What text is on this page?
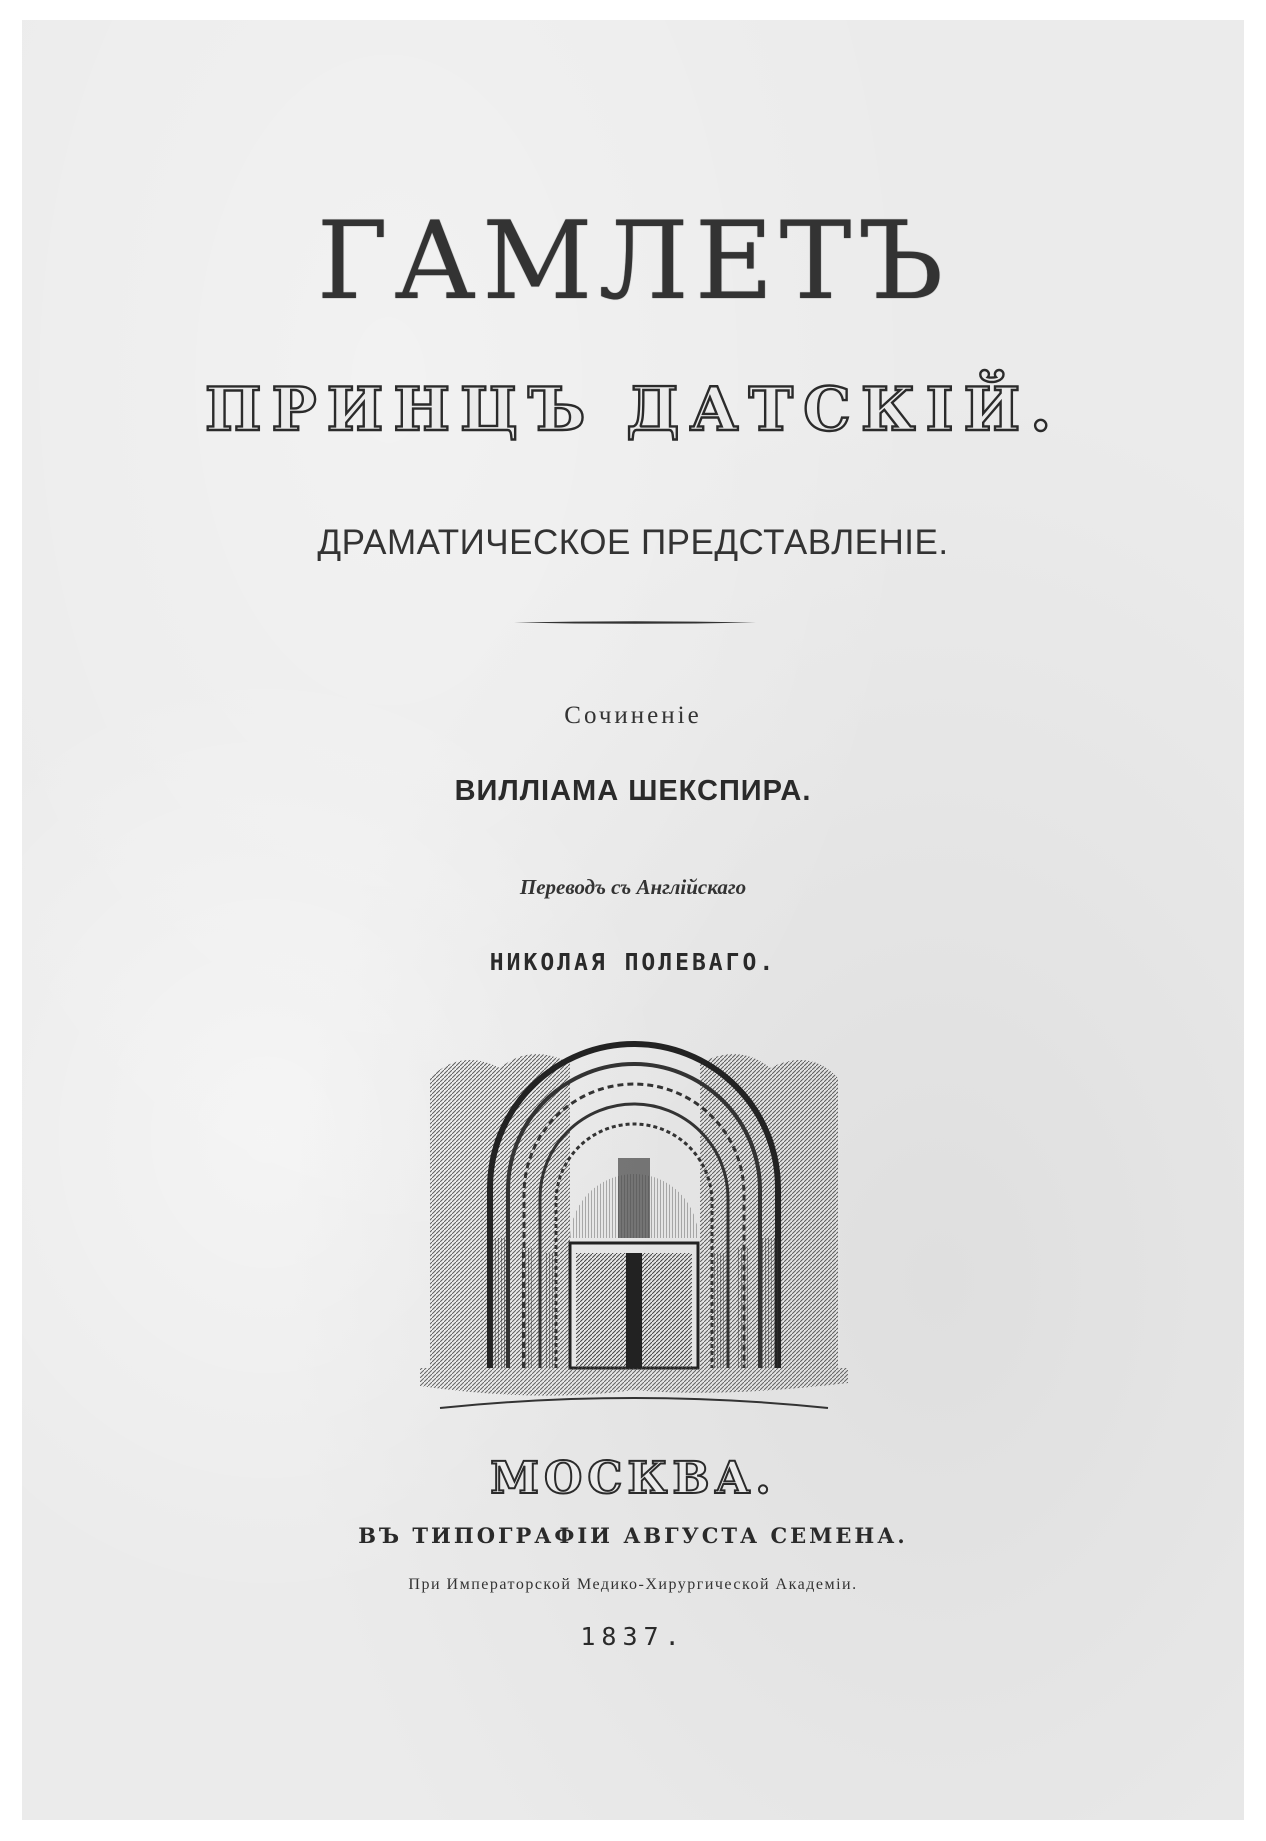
ГАМЛЕТЪ
ПРИНЦЪ ДАТСКІЙ.
ДРАМАТИЧЕСКОЕ ПРЕДСТАВЛЕНІЕ.
Сочиненіе
ВИЛЛІАМА ШЕКСПИРА.
Переводъ съ Англійскаго
НИКОЛАЯ ПОЛЕВАГО.
МОСКВА.
ВЪ ТИПОГРАФІИ АВГУСТА СЕМЕНА.
При Императорской Медико-Хирургической Академіи.
1837.
